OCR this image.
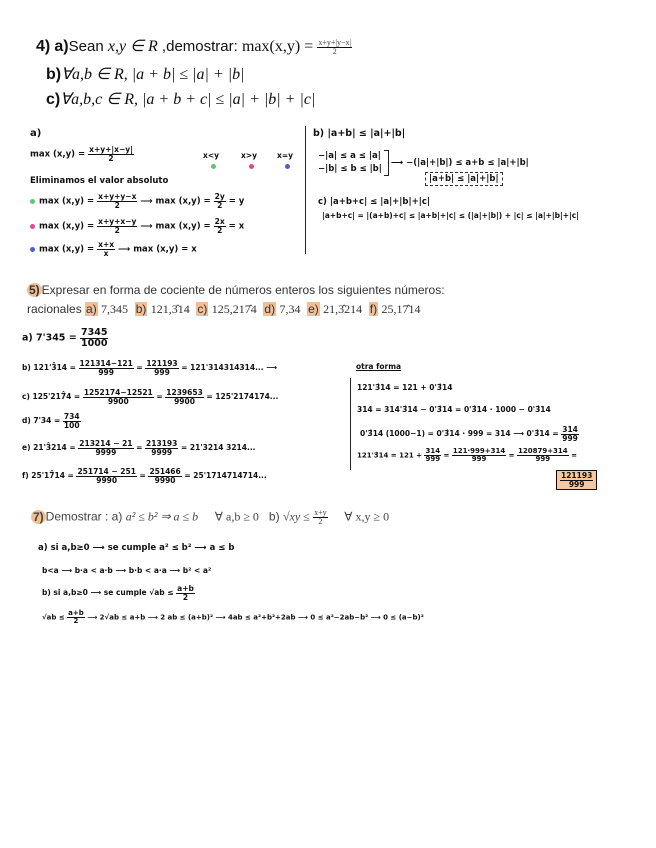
4) a)Sean x,y ∈ R ,demostrar: $\max(x,y) = \frac{x+y+|y-x|}{2}$
b)∀a,b ∈ R, |a + b| ≤ |a| + |b|
c)∀a,b,c ∈ R, |a + b + c| ≤ |a| + |b| + |c|
a)
$\max (x,y) = \frac{x+y+|x-y|}{2}$	x<y	x>y	x=y

Eliminamos el valor absoluto
$\max (x,y) = \frac{x+y+y-x}{2}$ ⟶ $\max (x,y) = \frac{2y}{2} = y$
$\max (x,y) = \frac{x+y+x-y}{2}$ ⟶ $\max (x,y) = \frac{2x}{2} = x$
$\max (x,y) = \frac{x+x}{x}$ ⟶ max (x,y) = x
b) |a+b| ≤ |a|+|b|
−|a| ≤ a ≤ |a|
−|b| ≤ b ≤ |b|
⟶ −(|a|+|b|) ≤ a+b ≤ |a|+|b|
|a+b| ≤ |a|+|b|
c) |a+b+c| ≤ |a|+|b|+|c|
|a+b+c| = |(a+b)+c| ≤ |a+b|+|c| ≤ (|a|+|b|) + |c| ≤ |a|+|b|+|c|
5) Expresar en forma de cociente de números enteros los siguientes números:
racionales a) 7,345 b) 121,3̂14 c) 125,217̂4 d) 7,34 e) 21,3̂214 f) 25,17̂14
a) $7'345 = \frac{7345}{1000}$
b) 121'3̂14 = $\frac{121314-121}{999} = \frac{121193}{999} = 121'314314314$... ⟶
c) 125'217̂4 = $\frac{1252174-12521}{9900} = \frac{1239653}{9900} = 125'2174174$...
d) $7'34 = \frac{734}{100}$
e) 21'3̂214 = $\frac{213214 - 21}{9999} = \frac{213193}{9999} = 21'3214$ 3214...
f) 25'17̂14 = $\frac{251714 - 251}{9990} = \frac{251466}{9990} = 25'1714714714$...
otra forma
121'3̂14 = 121 + 0'3̂14
314 = 314'3̂14 − 0'3̂14 = 0'3̂14 · 1000 − 0'3̂14
0'3̂14 (1000−1) = 0'3̂14 · 999 = 314 ⟶ 0'3̂14 = $\frac{314}{999}$
121'3̂14 = $121 + \frac{314}{999} = \frac{121\cdot 999+314}{999} = \frac{120879+314}{999}$ =
$\frac{121193}{999}$
7) Demostrar : a) a² ≤ b² ⇒ a ≤ b ∀ a,b ≥ 0 b) $√xy \le \frac{x+y}{2}$ ∀ x,y ≥ 0
a) si a,b≥0 ⟶ se cumple a² ≤ b² ⟶ a ≤ b
b<a ⟶ b·a < a·b ⟶ b·b < a·a ⟶ b² < a²
b) si a,b≥0 ⟶ se cumple $√ab \le \frac{a+b}{2}$
$√ab \le \frac{a+b}{2}$ ⟶ 2√ab ≤ a+b ⟶ 2 ab ≤ (a+b)² ⟶ 4ab ≤ a²+b²+2ab ⟶ 0 ≤ a²−2ab−b² ⟶ 0 ≤ (a−b)²
